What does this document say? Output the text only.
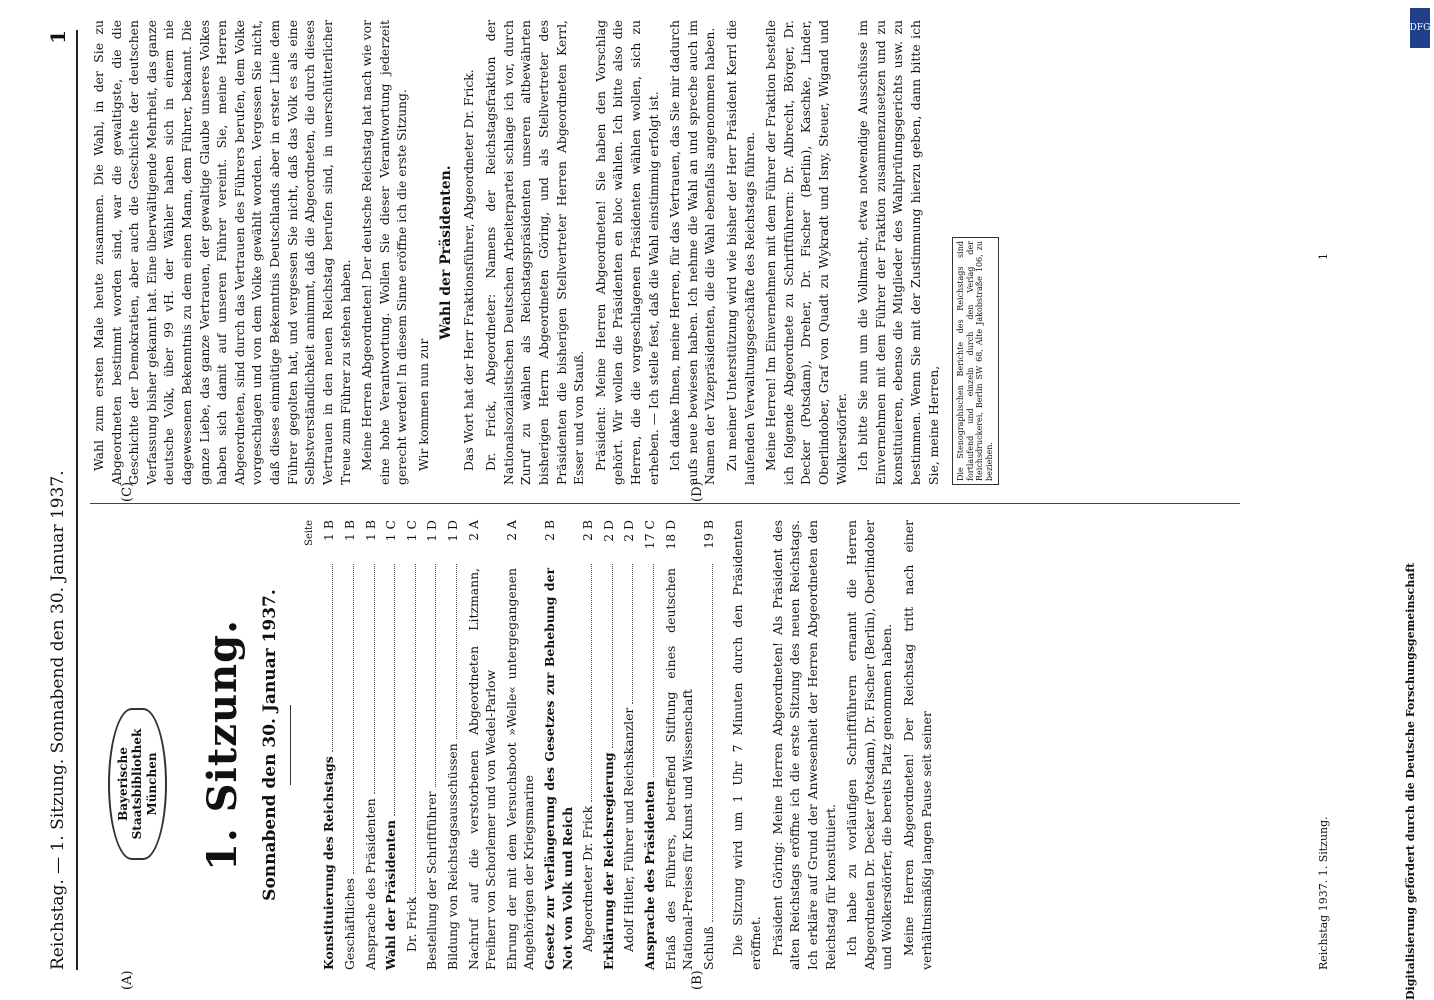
Reichstag. — 1. Sitzung. Sonnabend den 30. Januar 1937.
1
Bayerische Staatsbibliothek München 1. Sitzung. Sonnabend den 30. Januar 1937.
Seite
Konstituierung des Reichstags
1 B
Geschäftliches
1 B
Ansprache des Präsidenten
1 B
Wahl der Präsidenten
1 C
Dr. Frick
1 C
Bestellung der Schriftführer
1 D
Bildung von Reichstagsausschüssen
1 D
Nachruf auf die verstorbenen Abgeordneten Litzmann, Freiherr von Schorlemer und von Wedel-Parlow
2 A
Ehrung der mit dem Versuchsboot »Welle« untergegangenen Angehörigen der Kriegsmarine
2 A
Gesetz zur Verlängerung des Gesetzes zur Behebung der Not von Volk und Reich
2 B
Abgeordneter Dr. Frick
2 B
Erklärung der Reichsregierung
2 D
Adolf Hitler, Führer und Reichskanzler
2 D
Ansprache des Präsidenten
17 C
Erlaß des Führers, betreffend Stiftung eines deutschen National-Preises für Kunst und Wissenschaft
18 D
Schluß
19 B Die Sitzung wird um 1 Uhr 7 Minuten durch den Präsidenten eröffnet. Präsident Göring: Meine Herren Abgeordneten! Als Präsident des alten Reichstags eröffne ich die erste Sitzung des neuen Reichstags. Ich erkläre auf Grund der Anwesenheit der Herren Abgeordneten den Reichstag für konstituiert. Ich habe zu vorläufigen Schriftführern ernannt die Herren Abgeordneten Dr. Decker (Potsdam), Dr. Fischer (Berlin), Oberlindober und Wolkersdörfer, die bereits Platz genommen haben. Meine Herren Abgeordneten! Der Reichstag tritt nach einer verhältnismäßig langen Pause seit seiner

Wahl zum ersten Male heute zusammen. Die Wahl, in der Sie zu Abgeordneten bestimmt worden sind, war die gewaltigste, die die Geschichte der Demokratien, aber auch die Geschichte der deutschen Verfassung bisher gekannt hat. Eine überwältigende Mehrheit, das ganze deutsche Volk, über 99 vH. der Wähler haben sich in einem nie dagewesenen Bekenntnis zu dem einen Mann, dem Führer, bekannt. Die ganze Liebe, das ganze Vertrauen, der gewaltige Glaube unseres Volkes haben sich damit auf unseren Führer vereint. Sie, meine Herren Abgeordneten, sind durch das Vertrauen des Führers berufen, dem Volke vorgeschlagen und von dem Volke gewählt worden. Vergessen Sie nicht, daß dieses einmütige Bekenntnis Deutschlands aber in erster Linie dem Führer gegolten hat, und vergessen Sie nicht, daß das Volk es als eine Selbstverständlichkeit annimmt, daß die Abgeordneten, die durch dieses Vertrauen in den neuen Reichstag berufen sind, in unerschütterlicher Treue zum Führer zu stehen haben. Meine Herren Abgeordneten! Der deutsche Reichstag hat nach wie vor eine hohe Verantwortung. Wollen Sie dieser Verantwortung jederzeit gerecht werden! In diesem Sinne eröffne ich die erste Sitzung. Wir kommen nun zur

Wahl der Präsidenten. Das Wort hat der Herr Fraktionsführer, Abgeordneter Dr. Frick. Dr. Frick, Abgeordneter: Namens der Reichstagsfraktion der Nationalsozialistischen Deutschen Arbeiterpartei schlage ich vor, durch Zuruf zu wählen als Reichstagspräsidenten unseren altbewährten bisherigen Herrn Abgeordneten Göring, und als Stellvertreter des Präsidenten die bisherigen Stellvertreter Herren Abgeordneten Kerrl, Esser und von Stauß. Präsident: Meine Herren Abgeordneten! Sie haben den Vorschlag gehört. Wir wollen die Präsidenten en bloc wählen. Ich bitte also die Herren, die die vorgeschlagenen Präsidenten wählen wollen, sich zu erheben. — Ich stelle fest, daß die Wahl einstimmig erfolgt ist. Ich danke Ihnen, meine Herren, für das Vertrauen, das Sie mir dadurch aufs neue bewiesen haben. Ich nehme die Wahl an und spreche auch im Namen der Vizepräsidenten, die die Wahl ebenfalls angenommen haben. Zu meiner Unterstützung wird wie bisher der Herr Präsident Kerrl die laufenden Verwaltungsgeschäfte des Reichstags führen. Meine Herren! Im Einvernehmen mit dem Führer der Fraktion bestelle ich folgende Abgeordnete zu Schriftführern: Dr. Albrecht, Börger, Dr. Decker (Potsdam), Dreher, Dr. Fischer (Berlin), Kaschke, Linder, Oberlindober, Graf von Quadt zu Wykradt und Isny, Steuer, Wigand und Wolkersdörfer. Ich bitte Sie nun um die Vollmacht, etwa notwendige Ausschüsse im Einvernehmen mit dem Führer der Fraktion zusammenzusetzen und zu konstituieren, ebenso die Mitglieder des Wahlprüfungsgerichts usw. zu bestimmen. Wenn Sie mit der Zustimmung hierzu geben, dann bitte ich Sie, meine Herren,	Die Stenographischen Berichte des Reichstags sind fortlaufend und einzeln durch den Verlag der Reichsdruckerei, Berlin SW 68, Alte Jakobstraße 106, zu beziehen.
(A)	(B)
(C)	(D)
Reichstag 1937. 1. Sitzung.
1
Digitalisierung gefördert durch die Deutsche Forschungsgemeinschaft
DFG
